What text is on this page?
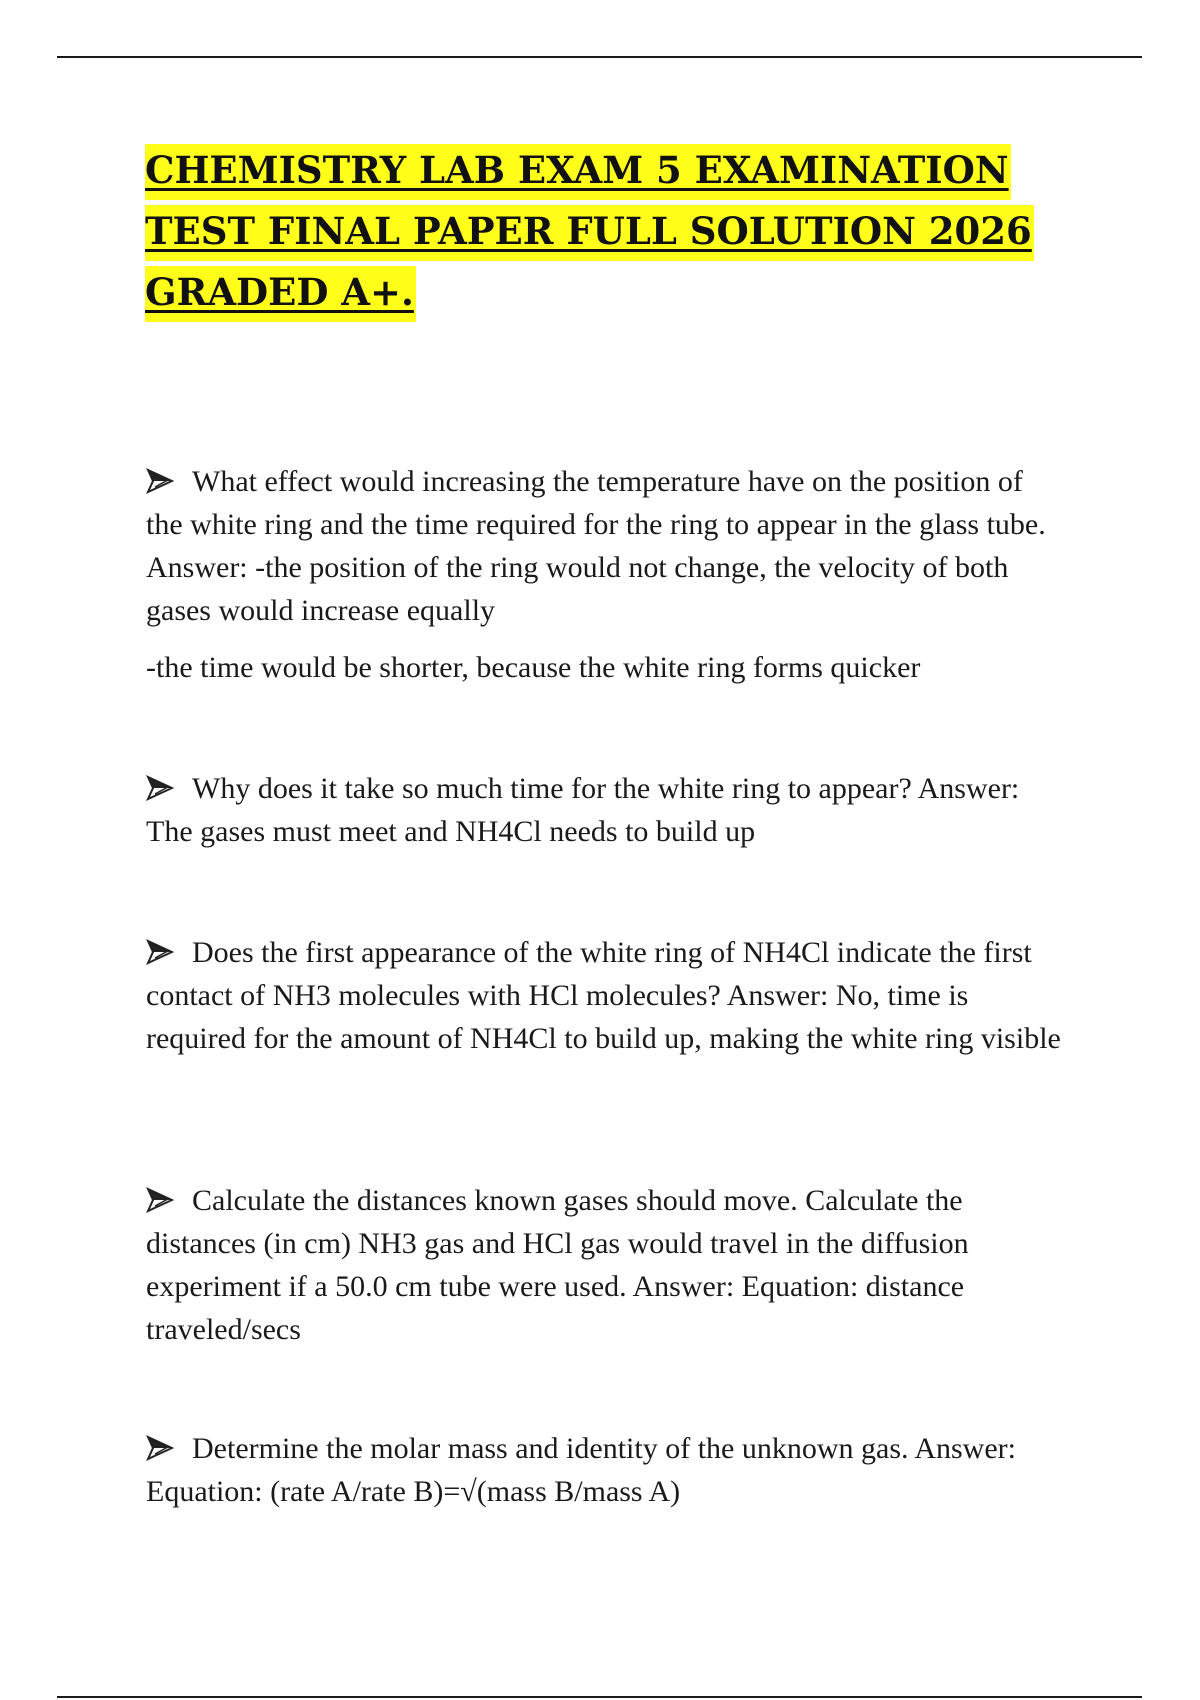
CHEMISTRY LAB EXAM 5 EXAMINATION
TEST FINAL PAPER FULL SOLUTION 2026
GRADED A+.

What effect would increasing the temperature have on the position of the white ring and the time required for the ring to appear in the glass tube. Answer: -the position of the ring would not change, the velocity of both gases would increase equally

-the time would be shorter, because the white ring forms quicker

Why does it take so much time for the white ring to appear? Answer: The gases must meet and NH4Cl needs to build up

Does the first appearance of the white ring of NH4Cl indicate the first contact of NH3 molecules with HCl molecules? Answer: No, time is required for the amount of NH4Cl to build up, making the white ring visible

Calculate the distances known gases should move. Calculate the distances (in cm) NH3 gas and HCl gas would travel in the diffusion experiment if a 50.0 cm tube were used. Answer: Equation: distance traveled/secs

Determine the molar mass and identity of the unknown gas. Answer: Equation: (rate A/rate B)=√(mass B/mass A)
